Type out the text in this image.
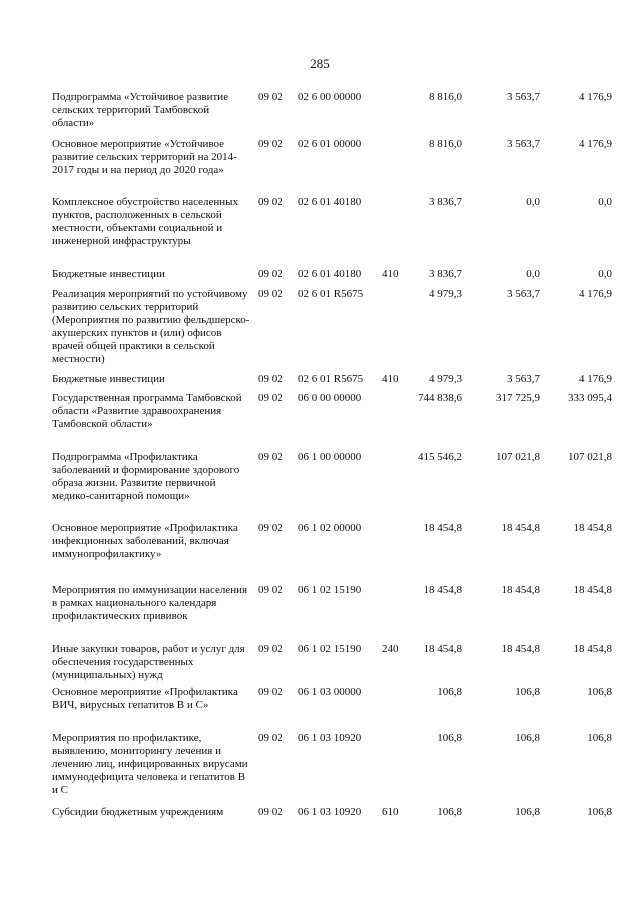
285
Подпрограмма «Устойчивое развитие сельских территорий Тамбовской области»
09 02	02 6 00 00000	8 816,0	3 563,7	4 176,9
Основное мероприятие «Устойчивое развитие сельских территорий на 2014-2017 годы и на период до 2020 года»
09 02	02 6 01 00000	8 816,0	3 563,7	4 176,9
Комплексное обустройство населенных пунктов, расположенных в сельской местности, объектами социальной и инженерной инфраструктуры
09 02	02 6 01 40180	3 836,7	0,0	0,0
Бюджетные инвестиции	09 02	02 6 01 40180	410	3 836,7	0,0	0,0
Реализация мероприятий по устойчивому развитию сельских территорий (Мероприятия по развитию фельдшерско-акушерских пунктов и (или) офисов врачей общей практики в сельской местности)
09 02	02 6 01 R5675	4 979,3	3 563,7	4 176,9
Бюджетные инвестиции	09 02	02 6 01 R5675	410	4 979,3	3 563,7	4 176,9
Государственная программа Тамбовской области «Развитие здравоохранения Тамбовской области»
09 02	06 0 00 00000	744 838,6	317 725,9	333 095,4
Подпрограмма «Профилактика заболеваний и формирование здорового образа жизни. Развитие первичной медико-санитарной помощи»
09 02	06 1 00 00000	415 546,2	107 021,8	107 021,8
Основное мероприятие «Профилактика инфекционных заболеваний, включая иммунопрофилактику»
09 02	06 1 02 00000	18 454,8	18 454,8	18 454,8
Мероприятия по иммунизации населения в рамках национального календаря профилактических прививок
09 02	06 1 02 15190	18 454,8	18 454,8	18 454,8
Иные закупки товаров, работ и услуг для обеспечения государственных (муниципальных) нужд
09 02	06 1 02 15190	240	18 454,8	18 454,8	18 454,8
Основное мероприятие «Профилактика ВИЧ, вирусных гепатитов В и С»
09 02	06 1 03 00000	106,8	106,8	106,8
Мероприятия по профилактике, выявлению, мониторингу лечения и лечению лиц, инфицированных вирусами иммунодефицита человека и гепатитов В и С
09 02	06 1 03 10920	106,8	106,8	106,8
Субсидии бюджетным учреждениям	09 02	06 1 03 10920	610	106,8	106,8	106,8
